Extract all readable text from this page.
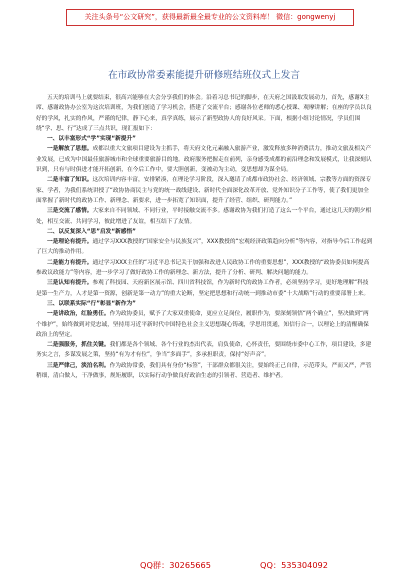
关注头条号“公文研究”，获得最新最全最专业的公文资料库！ 微信：gongwenyj
在市政协常委素能提升研修班结班仪式上发言

五天的培训马上就要结束，很高兴能够在大会分享我们的体会。沿着习总书记的脚步，在天府之国汲取发展动力，首先，感谢X主席、感谢政协办公室为这次培训班，为我们创造了学习机会，搭建了交流平台；感谢各位老师的悉心授课、观摩讲解；在座的学员以良好的学风，扎实的作风，严谨的纪律，静下心来，真学真练，展示了新型政协人的良好风采。下面，根据小组讨论情况，学员们围绕“学、思、行”达成了三点共识，现汇报如下：

一、以丰富形式“学”实现“新提升”

一是解放了思想。成都以重大文旅项目建设为主抓手，将天府文化元素融入旅游产业，激发释放多种消费活力，推动文旅及相关产业发展，已成为中国最佳旅游城市和全球重要旅游目的地。政府服务把握走在前列，亲身感受成都的前沿理念和发展模式，让我深刻认识到，只有与时俱进才能开拓创新，在今后工作中，要大胆创新，变被动为主动，变思想却为谋全局。

二是丰富了知识。这次培训内容丰富，安排紧凑，在理论学习阶段，深入邀请了成都市政协社会、经济领域、宗教等方面的资深专家、学者，为我们系统讲授了“政协协商民主与党的统一战线建设、新时代全面深化改革开放、党外知识分子工作等，使了我们更加全面掌握了新时代的政协工作、新理念、新要求，进一步拓宽了知识面，提升了经营、组织、研判能力。”

三是交流了感情。大家来自不同领域、不同行业，平时接触交流不多。感谢政协为我们打造了这么一个平台，通过这几天的朝夕相处，相互交流、共同学习，彼此增进了友谊，相互结下了友情。

二、以反复深入“思”启发“新感悟”

一是理论有提升。通过学习XXX教授的“国家安全与民族复兴”，XXX教授的“宏观经济政策趋向分析”等内容，对指导今后工作起到了巨大的推动作用。

二是能力有提升。通过学习XXX主任的“习近平总书记关于加强和改进人民政协工作的重要思想”，XXX教授的“政协委员如何提高参政议政能力”等内容，进一步学习了做好政协工作的新理念、新方法，提升了分析、研判、解决问题的能力。

三是认知有提升。参观了科技园、天府新区展示馆、四川省科技馆，作为新时代的政协工作者，必须坚持学习，更好地理解“科技是第一生产力，人才是第一资源，创新是第一动力”的重大论断，坚定把思想和行动统一到推动市委“十大战略”行动的重要部署上来。

三、以联系实际“行”彰显“新作为”

一是讲政治，红脸勇任。作为政协委员，赋予了大家双重使命，更应立足岗位，履职作为，要深刻领悟“两个确立”，坚决做到“两个维护”，始终做到对党忠诚，坚持用习近平新时代中国特色社会主义思想凝心铸魂，学思用贯通，知信行合一，以理论上的清醒确保政治上的坚定。

二是强服务，抓住关键。我们都是各个领域、各个行业的杰出代表，肩负使命，心怀责任，要围绕市委中心工作，项目建设，多建务实之言，多谋发展之策，坚持“有为才有位”，争当“多面手”，多承担职责，保持“好声音”。

三是严律己，淡泊名利。作为政协常委，我们具有身份“标签”，干部群众都很关注，要始终正己自律，示范带头，严而又严，严管稍细，清白做人，干净做事，规矩履职，以实际行动争做良好政治生态的引领者、营造者、维护者。

QQ群：30265665	QQ：535304092
